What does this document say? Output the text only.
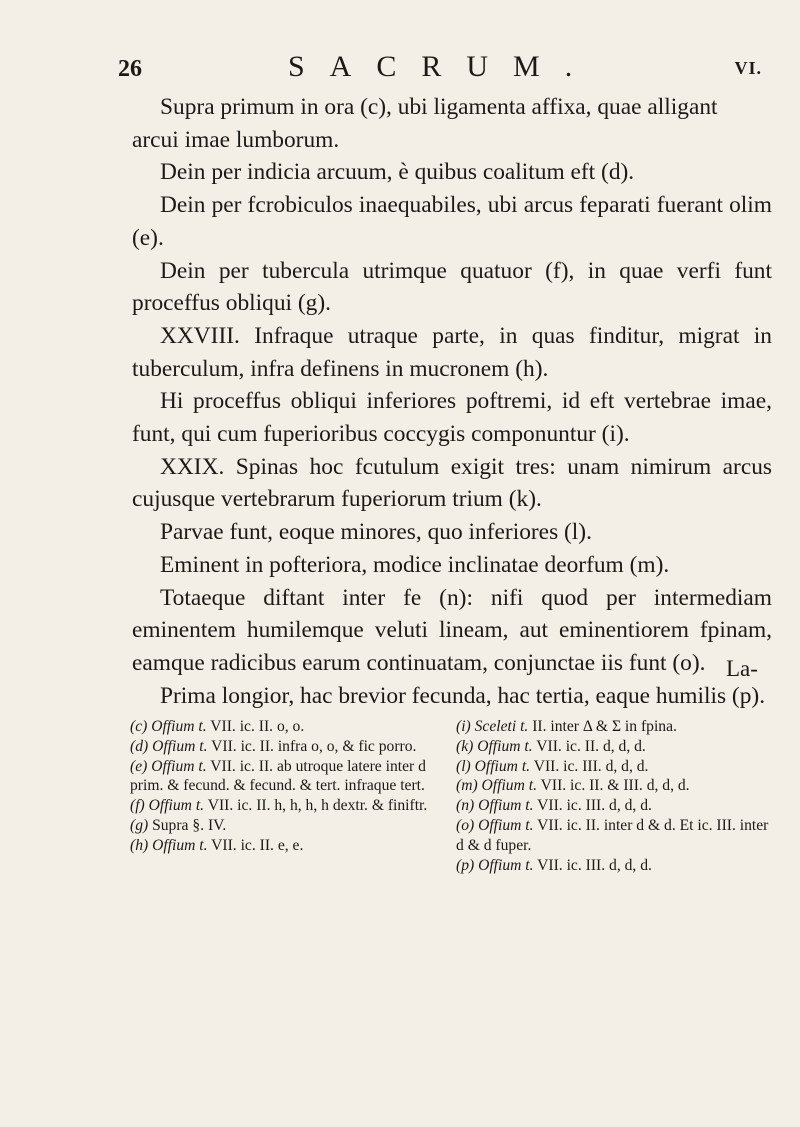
26	SACRUM.	VI.

Supra primum in ora (c), ubi ligamenta affixa, quae alligant

arcui imae lumborum.

Dein per indicia arcuum, è quibus coalitum eft (d).

Dein per fcrobiculos inaequabiles, ubi arcus feparati fuerant olim (e).

Dein per tubercula utrimque quatuor (f), in quae verfi funt proceffus obliqui (g).

XXVIII. Infraque utraque parte, in quas finditur, migrat in tuberculum, infra definens in mucronem (h).

Hi proceffus obliqui inferiores poftremi, id eft vertebrae imae, funt, qui cum fuperioribus coccygis componuntur (i).

XXIX. Spinas hoc fcutulum exigit tres: unam nimirum arcus cujusque vertebrarum fuperiorum trium (k).

Parvae funt, eoque minores, quo inferiores (l).

Eminent in pofteriora, modice inclinatae deorfum (m).

Totaeque diftant inter fe (n): nifi quod per intermediam eminentem humilemque veluti lineam, aut eminentiorem fpinam, eamque radicibus earum continuatam, conjunctae iis funt (o).

Prima longior, hac brevior fecunda, hac tertia, eaque humilis (p).

La-

(c) Offium t. VII. ic. II. o, o.

(d) Offium t. VII. ic. II. infra o, o, & fic porro.

(e) Offium t. VII. ic. II. ab utroque latere inter d prim. & fecund. & fecund. & tert. infraque tert.

(f) Offium t. VII. ic. II. h, h, h, h dextr. & finiftr.

(g) Supra §. IV.

(h) Offium t. VII. ic. II. e, e.

(i) Sceleti t. II. inter Δ & Σ in fpina.

(k) Offium t. VII. ic. II. d, d, d.

(l) Offium t. VII. ic. III. d, d, d.

(m) Offium t. VII. ic. II. & III. d, d, d.

(n) Offium t. VII. ic. III. d, d, d.

(o) Offium t. VII. ic. II. inter d & d. Et ic. III. inter d & d fuper.

(p) Offium t. VII. ic. III. d, d, d.
